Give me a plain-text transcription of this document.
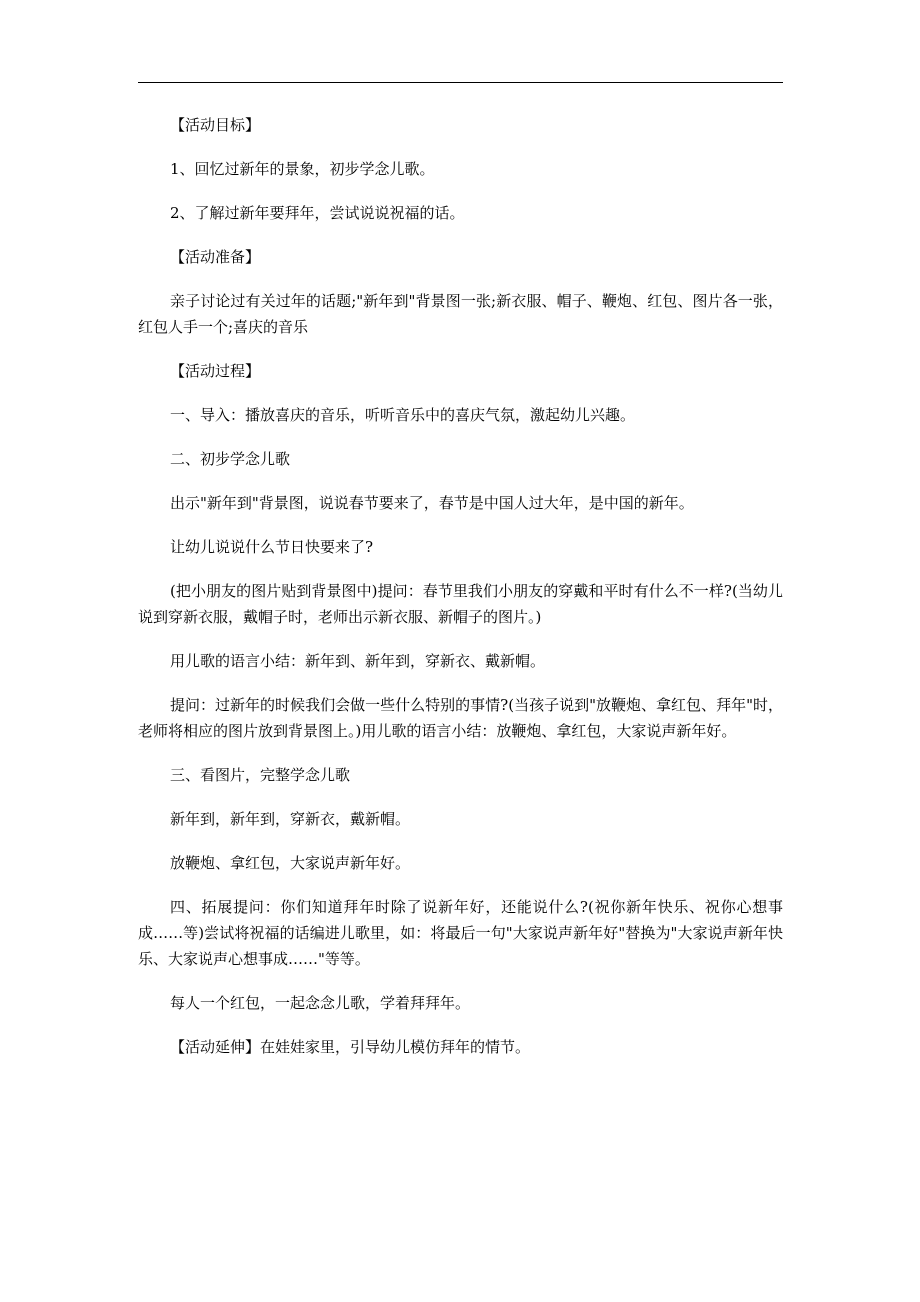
【活动目标】

1、回忆过新年的景象，初步学念儿歌。

2、了解过新年要拜年，尝试说说祝福的话。

【活动准备】

亲子讨论过有关过年的话题;"新年到"背景图一张;新衣服、帽子、鞭炮、红包、图片各一张，红包人手一个;喜庆的音乐

【活动过程】

一、导入：播放喜庆的音乐，听听音乐中的喜庆气氛，激起幼儿兴趣。

二、初步学念儿歌

出示"新年到"背景图，说说春节要来了，春节是中国人过大年，是中国的新年。

让幼儿说说什么节日快要来了?

(把小朋友的图片贴到背景图中)提问：春节里我们小朋友的穿戴和平时有什么不一样?(当幼儿说到穿新衣服，戴帽子时，老师出示新衣服、新帽子的图片。)

用儿歌的语言小结：新年到、新年到，穿新衣、戴新帽。

提问：过新年的时候我们会做一些什么特别的事情?(当孩子说到"放鞭炮、拿红包、拜年"时，老师将相应的图片放到背景图上。)用儿歌的语言小结：放鞭炮、拿红包，大家说声新年好。

三、看图片，完整学念儿歌

新年到，新年到，穿新衣，戴新帽。

放鞭炮、拿红包，大家说声新年好。

四、拓展提问：你们知道拜年时除了说新年好，还能说什么?(祝你新年快乐、祝你心想事成……等)尝试将祝福的话编进儿歌里，如：将最后一句"大家说声新年好"替换为"大家说声新年快乐、大家说声心想事成……"等等。

每人一个红包，一起念念儿歌，学着拜拜年。

【活动延伸】在娃娃家里，引导幼儿模仿拜年的情节。
